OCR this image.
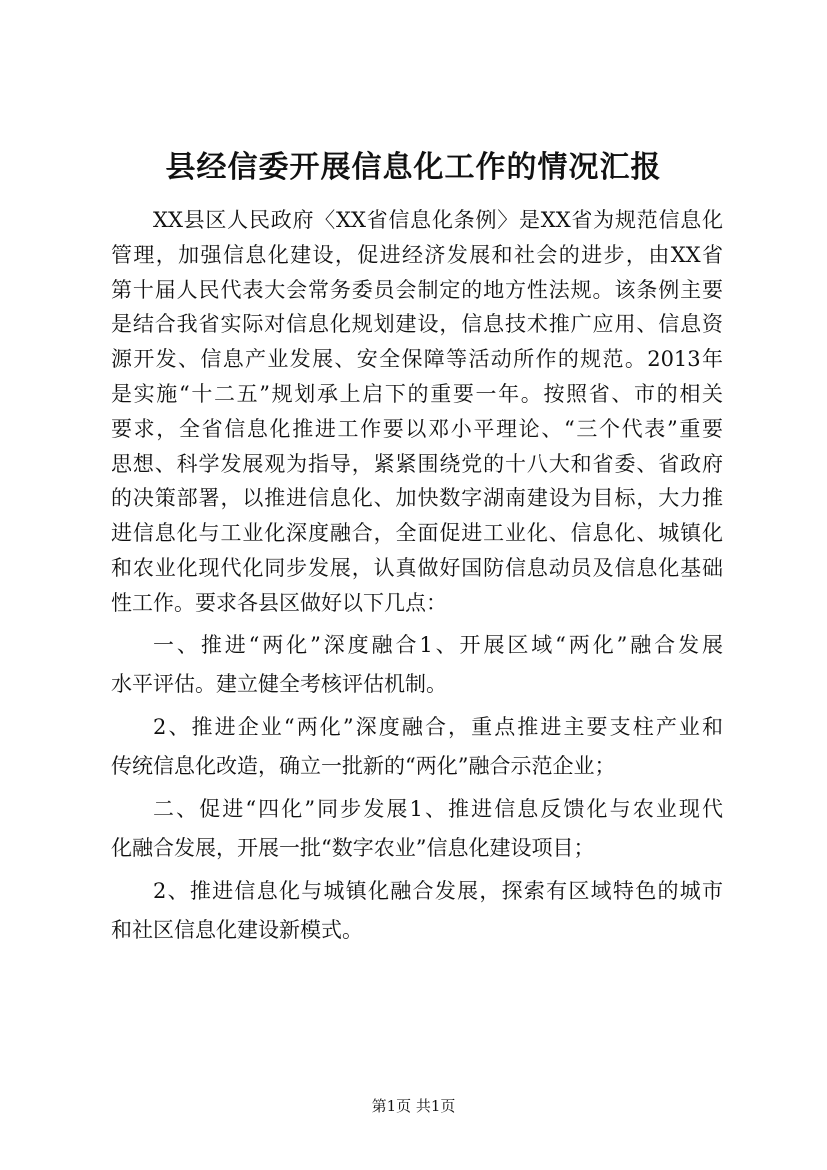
县经信委开展信息化工作的情况汇报
XX县区人民政府〈XX省信息化条例〉是XX省为规范信息化
管理，加强信息化建设，促进经济发展和社会的进步，由XX省
第十届人民代表大会常务委员会制定的地方性法规。该条例主要
是结合我省实际对信息化规划建设，信息技术推广应用、信息资
源开发、信息产业发展、安全保障等活动所作的规范。2013年
是实施“十二五”规划承上启下的重要一年。按照省、市的相关
要求，全省信息化推进工作要以邓小平理论、“三个代表”重要
思想、科学发展观为指导，紧紧围绕党的十八大和省委、省政府
的决策部署，以推进信息化、加快数字湖南建设为目标，大力推
进信息化与工业化深度融合，全面促进工业化、信息化、城镇化
和农业化现代化同步发展，认真做好国防信息动员及信息化基础
性工作。要求各县区做好以下几点：
一、推进“两化”深度融合1、开展区域“两化”融合发展
水平评估。建立健全考核评估机制。
2、推进企业“两化”深度融合，重点推进主要支柱产业和
传统信息化改造，确立一批新的“两化”融合示范企业；
二、促进“四化”同步发展1、推进信息反馈化与农业现代
化融合发展，开展一批“数字农业”信息化建设项目；
2、推进信息化与城镇化融合发展，探索有区域特色的城市
和社区信息化建设新模式。
第1页 共1页
